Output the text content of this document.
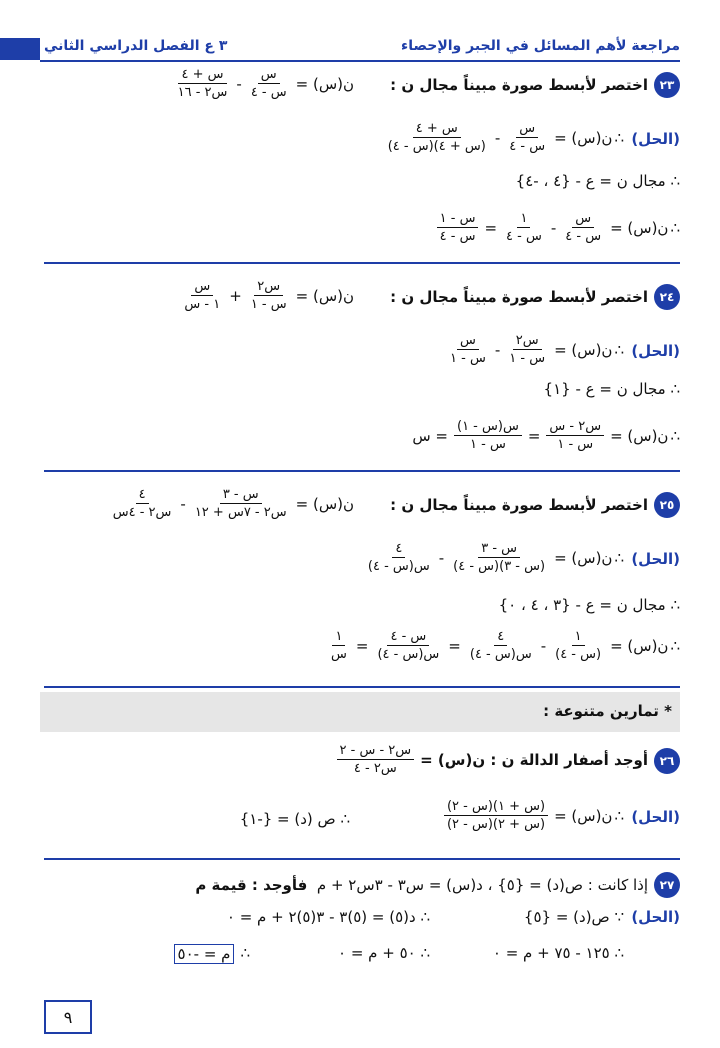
مراجعة لأهم المسائل في الجبر والإحصاء
٣ ع الفصل الدراسي الثاني
٢٣
اختصر لأبسط صورة مبيناً مجال ن :
ن(س) =
$\frac{\text{س}}{\text{س - ٤}}$
-
$\frac{\text{س + ٤}}{\text{س٢ - ١٦}}$
(الحل)
∴
ن(س) =
$\frac{\text{س}}{\text{س - ٤}}$
-
$\frac{\text{س + ٤}}{\text{(س + ٤)(س - ٤)}}$
∴ مجال ن = ع - {٤ ، -٤}
∴
ن(س) =
$\frac{\text{س}}{\text{س - ٤}}$
-
$\frac{١}{\text{س - ٤}}$
=
$\frac{\text{س - ١}}{\text{س - ٤}}$
٢٤
اختصر لأبسط صورة مبيناً مجال ن :
ن(س) =
$\frac{\text{س٢}}{\text{س - ١}}$
+
$\frac{\text{س}}{\text{١ - س}}$
(الحل)
∴
ن(س) =
$\frac{\text{س٢}}{\text{س - ١}}$
-
$\frac{\text{س}}{\text{س - ١}}$
∴ مجال ن = ع - {١}
∴
ن(س) =
$\frac{\text{س٢ - س}}{\text{س - ١}}$
=
$\frac{\text{س(س - ١)}}{\text{س - ١}}$
= س
٢٥
اختصر لأبسط صورة مبيناً مجال ن :
ن(س) =
$\frac{\text{س - ٣}}{\text{س٢ - ٧س + ١٢}}$
-
$\frac{٤}{\text{س٢ - ٤س}}$
(الحل)
∴
ن(س) =
$\frac{\text{س - ٣}}{\text{(س - ٣)(س - ٤)}}$
-
$\frac{٤}{\text{س(س - ٤)}}$
∴ مجال ن = ع - {٣ ، ٤ ، ٠}
∴
ن(س) =
$\frac{١}{\text{(س - ٤)}}$
-
$\frac{٤}{\text{س(س - ٤)}}$
=
$\frac{\text{س - ٤}}{\text{س(س - ٤)}}$
=
$\frac{١}{\text{س}}$
* تمارين متنوعة :
٢٦
أوجد أصفار الدالة ن : ن(س) =
$\frac{\text{س٢ - س - ٢}}{\text{س٢ - ٤}}$
(الحل)
∴
ن(س) =
$\frac{\text{(س + ١)(س - ٢)}}{\text{(س + ٢)(س - ٢)}}$
∴ ص (د) = {-١}
٢٧
إذا كانت : ص(د) = {٥} ، د(س) = س٣ - ٣س٢ + م  فأوجد : قيمة م
(الحل)
∵ ص(د) = {٥}
∴ د(٥) = (٥)٣ - ٣(٥)٢ + م = ٠
∴ ١٢٥ - ٧٥ + م = ٠
∴ ٥٠ + م = ٠
∴
م = -٥٠
٩
